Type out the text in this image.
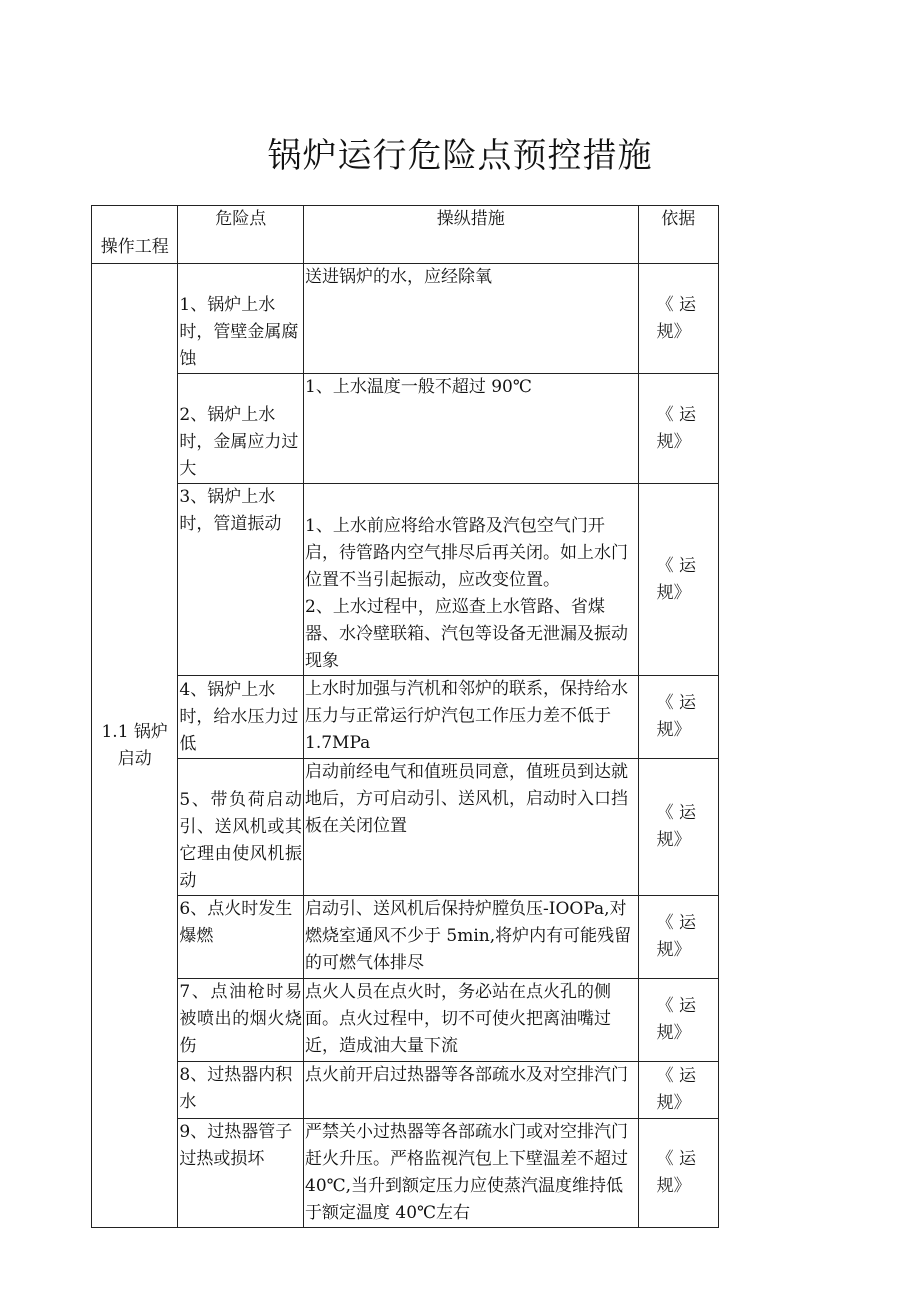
锅炉运行危险点预控措施
操作工程	危险点	操纵措施	依据
1.1 锅炉启动	1、锅炉上水时，管壁金属腐蚀	送进锅炉的水，应经除氧	《 运规》
	2、锅炉上水时，金属应力过大	1、上水温度一般不超过 90℃	《 运规》
	3、锅炉上水时，管道振动	1、上水前应将给水管路及汽包空气门开启，待管路内空气排尽后再关闭。如上水门位置不当引起振动，应改变位置。
2、上水过程中，应巡查上水管路、省煤器、水冷壁联箱、汽包等设备无泄漏及振动现象	《 运规》
	4、锅炉上水时，给水压力过低	上水时加强与汽机和邻炉的联系，保持给水压力与正常运行炉汽包工作压力差不低于 1.7MPa	《 运规》
	5、带负荷启动引、送风机或其它理由使风机振动	启动前经电气和值班员同意，值班员到达就地后，方可启动引、送风机，启动时入口挡板在关闭位置	《 运规》
	6、点火时发生爆燃	启动引、送风机后保持炉膛负压-IOOPa,对燃烧室通风不少于 5min,将炉内有可能残留的可燃气体排尽	《 运规》
	7、点油枪时易被喷出的烟火烧伤	点火人员在点火时，务必站在点火孔的侧面。点火过程中，切不可使火把离油嘴过近，造成油大量下流	《 运规》
	8、过热器内积水	点火前开启过热器等各部疏水及对空排汽门	《 运规》
	9、过热器管子过热或损坏	严禁关小过热器等各部疏水门或对空排汽门赶火升压。严格监视汽包上下壁温差不超过 40℃,当升到额定压力应使蒸汽温度维持低于额定温度 40℃左右	《 运规》
